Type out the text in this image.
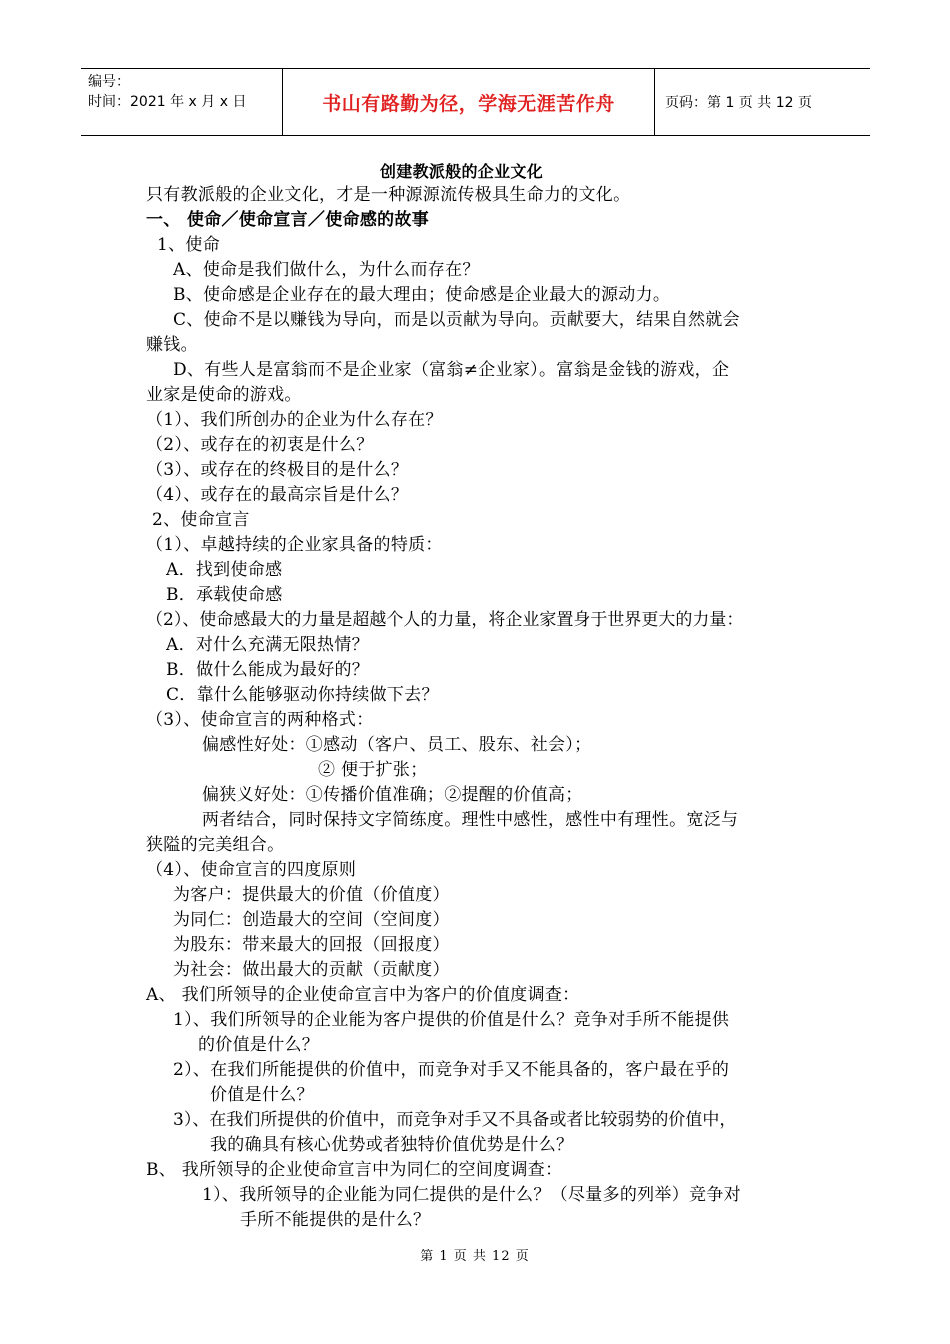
编号：
时间：2021 年 x 月 x 日	书山有路勤为径，学海无涯苦作舟	页码：第 1 页 共 12 页
创建教派般的企业文化
只有教派般的企业文化，才是一种源源流传极具生命力的文化。
一、 使命／使命宣言／使命感的故事
1、使命
A、使命是我们做什么，为什么而存在？
B、使命感是企业存在的最大理由；使命感是企业最大的源动力。
C、使命不是以赚钱为导向，而是以贡献为导向。贡献要大，结果自然就会
赚钱。
D、有些人是富翁而不是企业家（富翁≠企业家）。富翁是金钱的游戏，企
业家是使命的游戏。
（1）、我们所创办的企业为什么存在？
（2）、或存在的初衷是什么？
（3）、或存在的终极目的是什么？
（4）、或存在的最高宗旨是什么？
2、使命宣言
（1）、卓越持续的企业家具备的特质：
A．找到使命感
B．承载使命感
（2）、使命感最大的力量是超越个人的力量，将企业家置身于世界更大的力量：
A．对什么充满无限热情？
B．做什么能成为最好的？
C．靠什么能够驱动你持续做下去？
（3）、使命宣言的两种格式：
偏感性好处：①感动（客户、员工、股东、社会）；
② 便于扩张；
偏狭义好处：①传播价值准确；②提醒的价值高；
两者结合，同时保持文字简练度。理性中感性，感性中有理性。宽泛与
狭隘的完美组合。
（4）、使命宣言的四度原则
为客户：提供最大的价值（价值度）
为同仁：创造最大的空间（空间度）
为股东：带来最大的回报（回报度）
为社会：做出最大的贡献（贡献度）
A、 我们所领导的企业使命宣言中为客户的价值度调查：
1）、我们所领导的企业能为客户提供的价值是什么？竞争对手所不能提供
的价值是什么？
2）、在我们所能提供的价值中，而竞争对手又不能具备的，客户最在乎的
价值是什么？
3）、在我们所提供的价值中，而竞争对手又不具备或者比较弱势的价值中，
我的确具有核心优势或者独特价值优势是什么？
B、 我所领导的企业使命宣言中为同仁的空间度调查：
1）、我所领导的企业能为同仁提供的是什么？（尽量多的列举）竞争对
手所不能提供的是什么？
第 1 页 共 12 页
